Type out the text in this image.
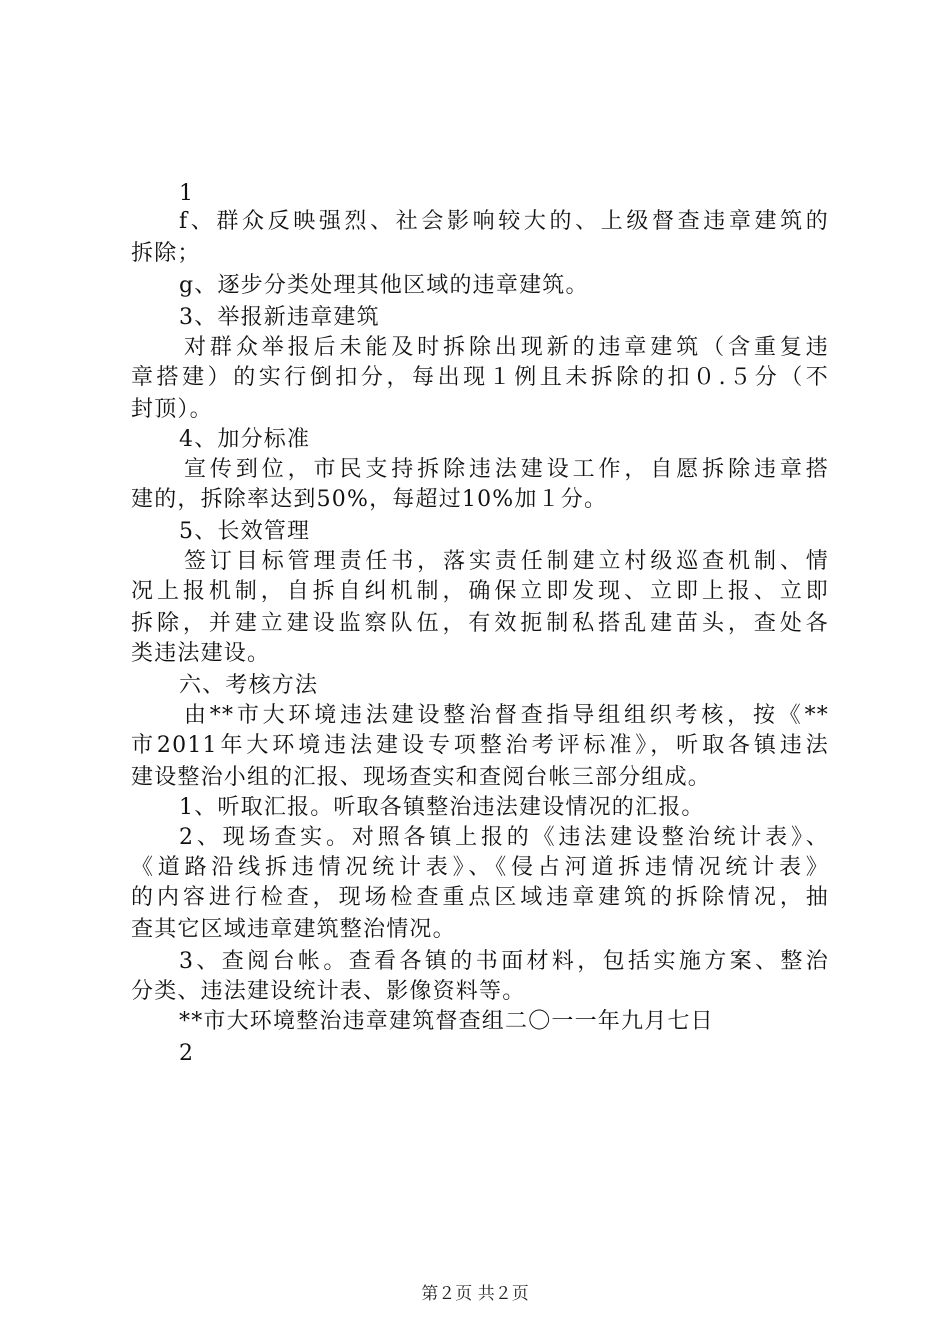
1
f、群众反映强烈、社会影响较大的、上级督查违章建筑的
拆除；
g、逐步分类处理其他区域的违章建筑。
3、举报新违章建筑
对群众举报后未能及时拆除出现新的违章建筑（含重复违
章搭建）的实行倒扣分，每出现１例且未拆除的扣０.５分（不
封顶）。
4、加分标准
宣传到位，市民支持拆除违法建设工作，自愿拆除违章搭
建的，拆除率达到50%，每超过10%加１分。
5、长效管理
签订目标管理责任书，落实责任制建立村级巡查机制、情
况上报机制，自拆自纠机制，确保立即发现、立即上报、立即
拆除，并建立建设监察队伍，有效扼制私搭乱建苗头，查处各
类违法建设。
六、考核方法
由**市大环境违法建设整治督查指导组组织考核，按《**
市2011年大环境违法建设专项整治考评标准》，听取各镇违法
建设整治小组的汇报、现场查实和查阅台帐三部分组成。
1、听取汇报。听取各镇整治违法建设情况的汇报。
2、现场查实。对照各镇上报的《违法建设整治统计表》、
《道路沿线拆违情况统计表》、《侵占河道拆违情况统计表》
的内容进行检查，现场检查重点区域违章建筑的拆除情况，抽
查其它区域违章建筑整治情况。
3、查阅台帐。查看各镇的书面材料，包括实施方案、整治
分类、违法建设统计表、影像资料等。
**市大环境整治违章建筑督查组二〇一一年九月七日
2
第２页 共２页
